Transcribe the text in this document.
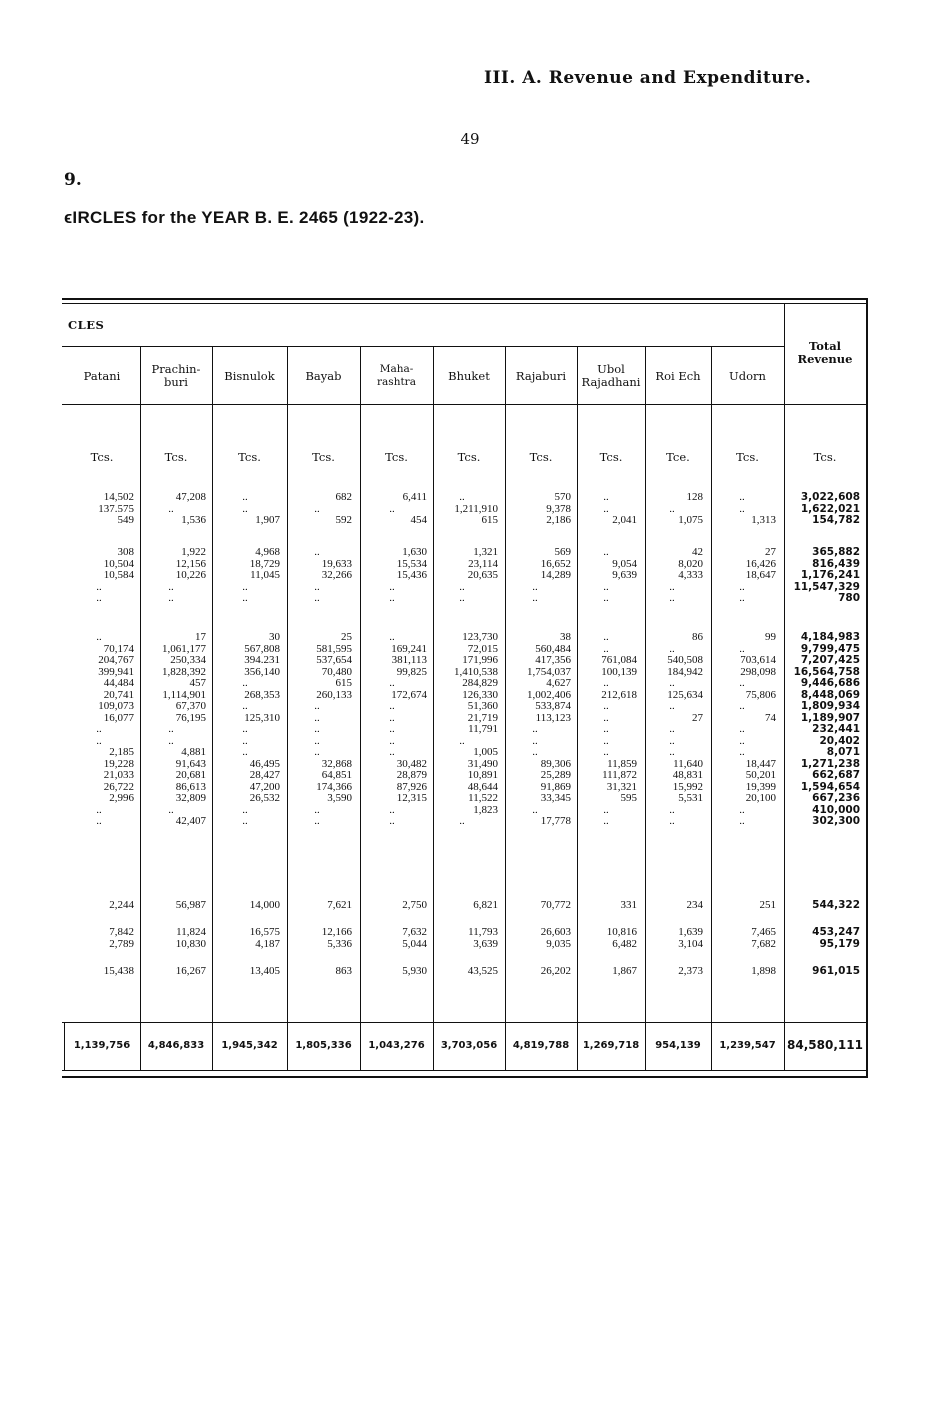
III. A. Revenue and Expenditure.
49
9.
ϵIRCLES for the YEAR B. E. 2465 (1922-23).
CLES
Patani	Prachin-
buri	Bisnulok	Bayab	Maha-
rashtra	Bhuket	Rajaburi	Ubol
Rajadhani	Roi Ech	Udorn
Total
Revenue
Tcs.	Tcs.	Tcs.	Tcs.	Tcs.	Tcs.	Tcs.	Tcs.	Tce.	Tcs.	Tcs.
14,502	47,208	..	682	6,411	..	570	..	128	..	3,022,608
137.575	..	..	..	..	1,211,910	9,378	..	..	..	1,622,021
549	1,536	1,907	592	454	615	2,186	2,041	1,075	1,313	154,782
308	1,922	4,968	..	1,630	1,321	569	..	42	27	365,882
10,504	12,156	18,729	19,633	15,534	23,114	16,652	9,054	8,020	16,426	816,439
10,584	10,226	11,045	32,266	15,436	20,635	14,289	9,639	4,333	18,647	1,176,241
..	..	..	..	..	..	..	..	..	..	11,547,329
..	..	..	..	..	..	..	..	..	..	780
..	17	30	25	..	123,730	38	..	86	99	4,184,983
70,174	1,061,177	567,808	581,595	169,241	72,015	560,484	..	..	..	9,799,475
204,767	250,334	394.231	537,654	381,113	171,996	417,356	761,084	540,508	703,614	7,207,425
399,941	1,828,392	356,140	70,480	99,825	1,410,538	1,754,037	100,139	184,942	298,098	16,564,758
44,484	457	..	615	..	284,829	4,627	..	..	..	9,446,686
20,741	1,114,901	268,353	260,133	172,674	126,330	1,002,406	212,618	125,634	75,806	8,448,069
109,073	67,370	..	..	..	51,360	533,874	..	..	..	1,809,934
16,077	76,195	125,310	..	..	21,719	113,123	..	27	74	1,189,907
..	..	..	..	..	11,791	..	..	..	..	232,441
..	..	..	..	..	..	..	..	..	..	20,402
2,185	4,881	..	..	..	1,005	..	..	..	..	8,071
19,228	91,643	46,495	32,868	30,482	31,490	89,306	11,859	11,640	18,447	1,271,238
21,033	20,681	28,427	64,851	28,879	10,891	25,289	111,872	48,831	50,201	662,687
26,722	86,613	47,200	174,366	87,926	48,644	91,869	31,321	15,992	19,399	1,594,654
2,996	32,809	26,532	3,590	12,315	11,522	33,345	595	5,531	20,100	667,236
..	..	..	..	..	1,823	..	..	..	..	410,000
..	42,407	..	..	..	..	17,778	..	..	..	302,300
2,244	56,987	14,000	7,621	2,750	6,821	70,772	331	234	251	544,322
7,842	11,824	16,575	12,166	7,632	11,793	26,603	10,816	1,639	7,465	453,247
2,789	10,830	4,187	5,336	5,044	3,639	9,035	6,482	3,104	7,682	95,179
15,438	16,267	13,405	863	5,930	43,525	26,202	1,867	2,373	1,898	961,015
1,139,756	4,846,833	1,945,342	1,805,336	1,043,276	3,703,056	4,819,788	1,269,718	954,139	1,239,547 84,580,111
